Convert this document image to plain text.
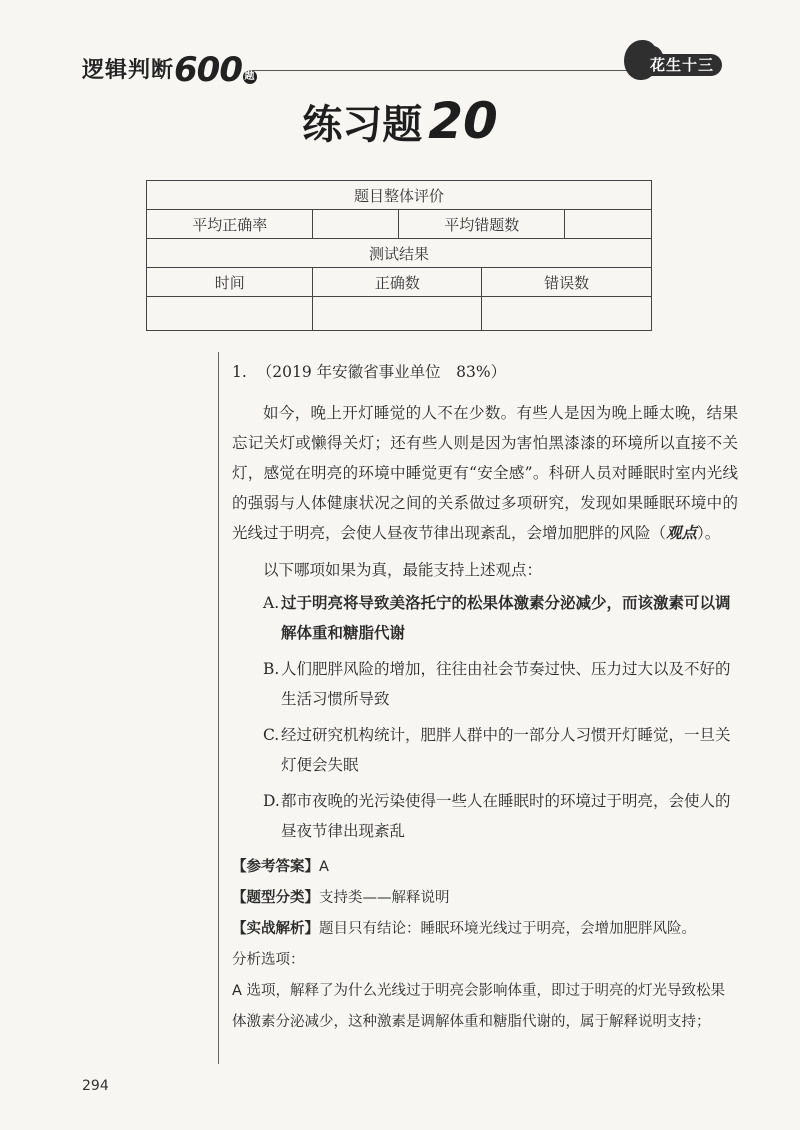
逻辑判断600 题
花生十三
练习题 20
题目整体评价				
平均正确率		平均错题数		
测试结果				
时间	正确数		错误数	

1. （2019 年安徽省事业单位　83%）

如今，晚上开灯睡觉的人不在少数。有些人是因为晚上睡太晚，结果忘记关灯或懒得关灯；还有些人则是因为害怕黑漆漆的环境所以直接不关灯，感觉在明亮的环境中睡觉更有“安全感”。科研人员对睡眠时室内光线的强弱与人体健康状况之间的关系做过多项研究，发现如果睡眠环境中的光线过于明亮，会使人昼夜节律出现紊乱，会增加肥胖的风险（观点）。

以下哪项如果为真，最能支持上述观点：

A. 过于明亮将导致美洛托宁的松果体激素分泌减少，而该激素可以调解体重和糖脂代谢
B. 人们肥胖风险的增加，往往由社会节奏过快、压力过大以及不好的生活习惯所导致
C. 经过研究机构统计，肥胖人群中的一部分人习惯开灯睡觉，一旦关灯便会失眠
D. 都市夜晚的光污染使得一些人在睡眠时的环境过于明亮，会使人的昼夜节律出现紊乱
【参考答案】A
【题型分类】支持类——解释说明
【实战解析】题目只有结论：睡眠环境光线过于明亮，会增加肥胖风险。
分析选项：
A 选项，解释了为什么光线过于明亮会影响体重，即过于明亮的灯光导致松果体激素分泌减少，这种激素是调解体重和糖脂代谢的，属于解释说明支持；
294
